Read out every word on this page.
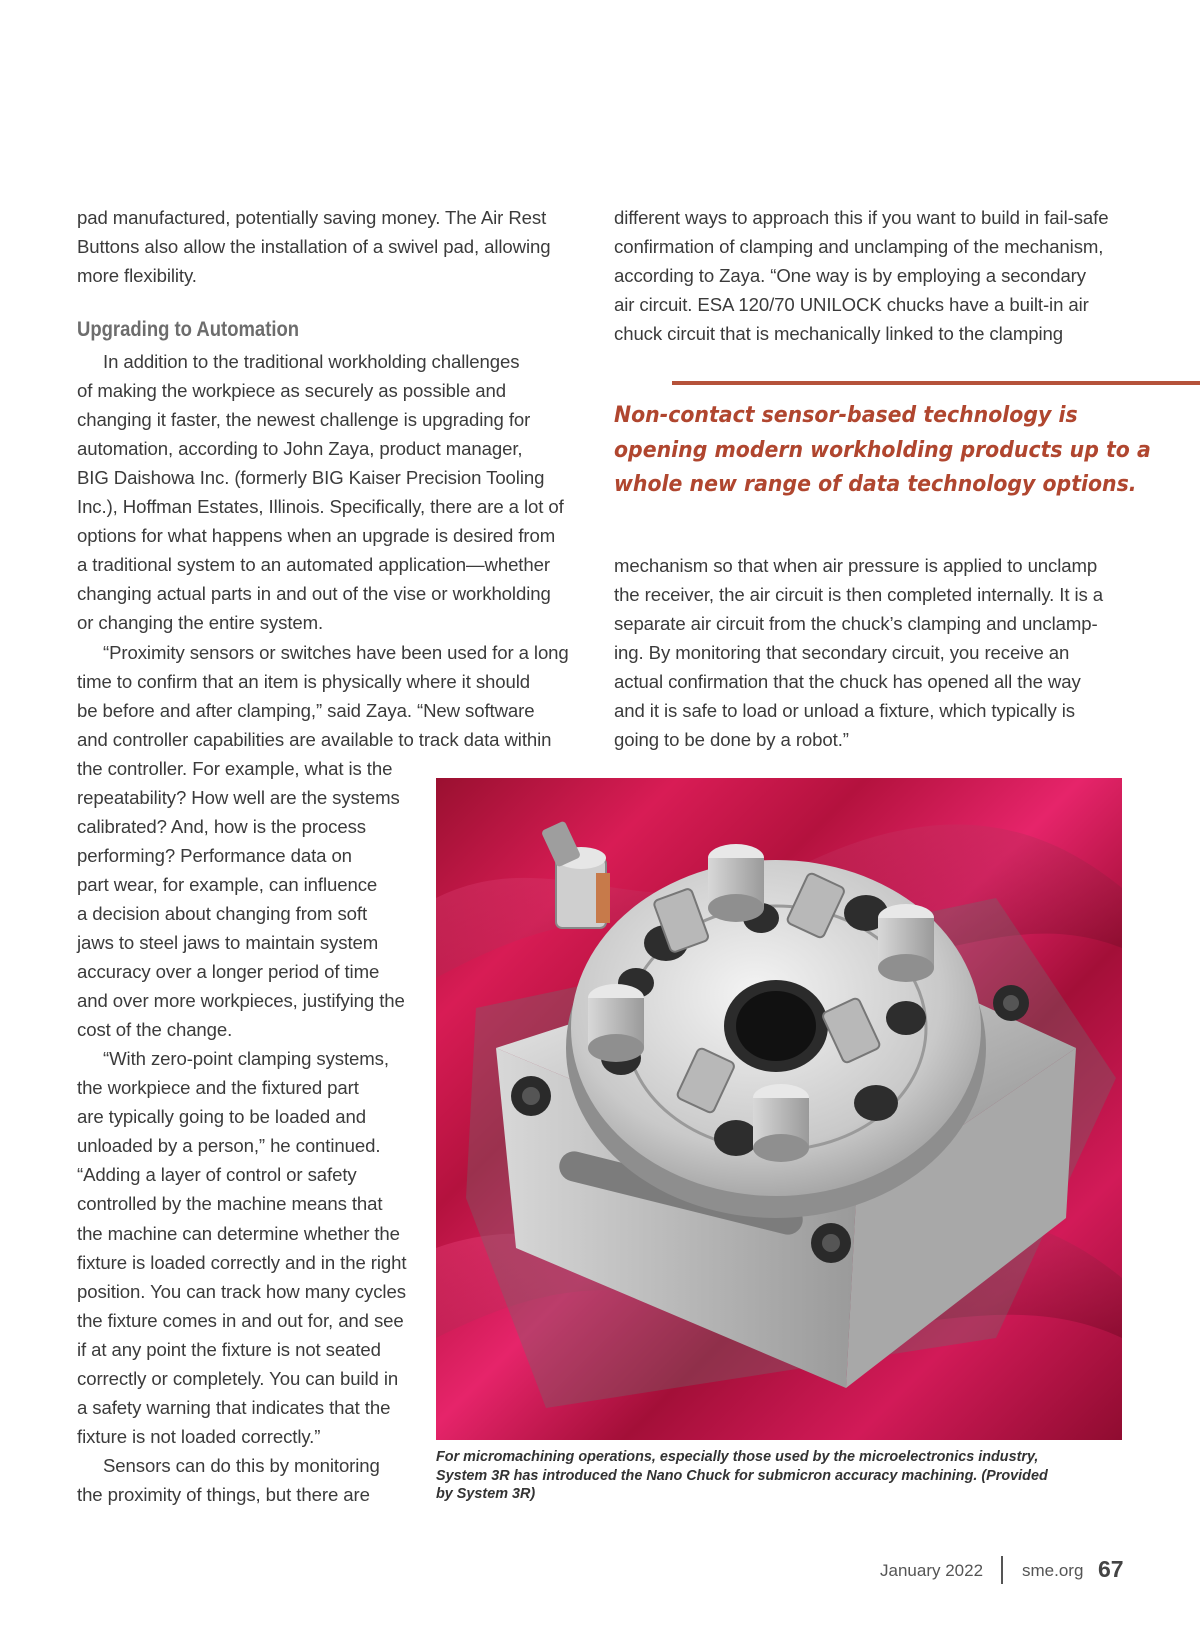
pad manufactured, potentially saving money. The Air Rest
Buttons also allow the installation of a swivel pad, allowing
more flexibility.
In addition to the traditional workholding challenges
of making the workpiece as securely as possible and
changing it faster, the newest challenge is upgrading for
automation, according to John Zaya, product manager,
BIG Daishowa Inc. (formerly BIG Kaiser Precision Tooling
Inc.), Hoffman Estates, Illinois. Specifically, there are a lot of
options for what happens when an upgrade is desired from
a traditional system to an automated application—whether
changing actual parts in and out of the vise or workholding
or changing the entire system.
“Proximity sensors or switches have been used for a long
time to confirm that an item is physically where it should
be before and after clamping,” said Zaya. “New software
and controller capabilities are available to track data within
the controller. For example, what is the
repeatability? How well are the systems
calibrated? And, how is the process
performing? Performance data on
part wear, for example, can influence
a decision about changing from soft
jaws to steel jaws to maintain system
accuracy over a longer period of time
and over more workpieces, justifying the
cost of the change.
“With zero-point clamping systems,
the workpiece and the fixtured part
are typically going to be loaded and
unloaded by a person,” he continued.
“Adding a layer of control or safety
controlled by the machine means that
the machine can determine whether the
fixture is loaded correctly and in the right
position. You can track how many cycles
the fixture comes in and out for, and see
if at any point the fixture is not seated
correctly or completely. You can build in
a safety warning that indicates that the
fixture is not loaded correctly.”
Sensors can do this by monitoring
the proximity of things, but there are
Upgrading to Automation
different ways to approach this if you want to build in fail-safe
confirmation of clamping and unclamping of the mechanism,
according to Zaya. “One way is by employing a secondary
air circuit. ESA 120/70 UNILOCK chucks have a built-in air
chuck circuit that is mechanically linked to the clamping
Non-contact sensor-based technology is
opening modern workholding products up to a
whole new range of data technology options.
mechanism so that when air pressure is applied to unclamp
the receiver, the air circuit is then completed internally. It is a
separate air circuit from the chuck’s clamping and unclamp-
ing. By monitoring that secondary circuit, you receive an
actual confirmation that the chuck has opened all the way
and it is safe to load or unload a fixture, which typically is
going to be done by a robot.”
For micromachining operations, especially those used by the microelectronics industry,
System 3R has introduced the Nano Chuck for submicron accuracy machining. (Provided
by System 3R)
January 2022 sme.org 67
